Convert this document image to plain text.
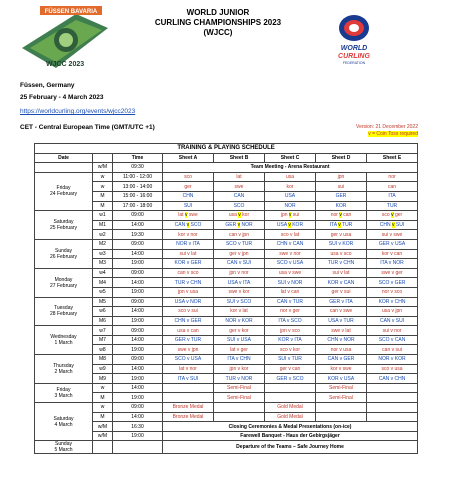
FÜSSEN BAVARIA
WJCC 2023
WORLD JUNIOR
CURLING CHAMPIONSHIPS 2023
(WJCC)
WORLD
CURLING
FEDERATION
Füssen, Germany
25 February - 4 March 2023
https://worldcurling.org/events/wjcc2023
CET - Central European Time (GMT/UTC +1)	Version: 21 December 2022
v = Coin Toss required
TRAINING & PLAYING SCHEDULE							
Date		Time	Sheet A	Sheet B	Sheet C	Sheet D	Sheet E
	w/M	09:30	Team Meeting - Arena Restaurant				
Friday
24 February	w	11:00 - 12:00	sco	lat	usa	jpn	nor
	w	13:00 - 14:00	ger	swe	kor	sui	can
	M	15:00 - 16:00	CHN	CAN	USA	GER	ITA
	M	17:00 - 18:00	SUI	SCO	NOR	KOR	TUR
Saturday
25 February	w1	09:00	lat v swe	usa v kor	jpn v sui	nor v can	sco v ger
	M1	14:00	CAN v SCO	GER v NOR	USA v KOR	ITA v TUR	CHN v SUI
	w2	19:30	kor v nor	can v jpn	sco v lat	ger v usa	sui v swe
Sunday
26 February	M2	09:00	NOR v ITA	SCO v TUR	CHN v CAN	SUI v KOR	GER v USA
	w3	14:00	sui v lat	ger v jpn	swe v nor	usa v sco	kor v can
	M3	19:00	KOR v GER	CAN v SUI	SCO v USA	TUR v CHN	ITA v NOR
Monday
27 February	w4	09:00	can v sco	jpn v nor	usa v swe	sui v lat	swe v ger
	M4	14:00	TUR v CHN	USA v ITA	SUI v NOR	KOR v CAN	SCO v GER
	w5	19:00	jpn v usa	swe v kor	lat v can	ger v sui	nor v sco
Tuesday
28 February	M5	09:00	USA v NOR	SUI v SCO	CAN v TUR	GER v ITA	KOR v CHN
	w6	14:00	sco v sui	kor v lat	nor v ger	can v swe	usa v jpn
	M6	19:00	CHN v GER	NOR v KOR	ITA v SCO	USA v TUR	CAN v SUI
Wednesday
1 March	w7	09:00	usa v can	ger v kor	jpn v sco	swe v lat	sui v nor
	M7	14:00	GER v TUR	SUI v USA	KOR v ITA	CHN v NOR	SCO v CAN
	w8	19:00	swe v jpn	lat v ger	sco v kor	nor v usa	can v sui
Thursday
2 March	M8	09:00	SCO v USA	ITA v CHN	SUI v TUR	CAN v GER	NOR v KOR
	w9	14:00	lat v nor	jpn v kor	ger v can	kor v swe	sco v usa
	M9	19:00	ITA v SUI	TUR v NOR	GER v SCO	KOR v USA	CAN v CHN
Friday
3 March	w	14:00		Semi-Final		Semi-Final	
	M	19:00		Semi-Final		Semi-Final	
Saturday
4 March	w	09:00	Bronze Medal		Gold Medal		
	M	14:00	Bronze Medal		Gold Medal		
	w/M	16:30	Closing Ceremonies & Medal Presentations (on-ice)				
	w/M	19:00	Farewell Banquet - Haus der Gebirgsjäger				
Sunday
5 March			Departure of the Teams – Safe Journey Home				
